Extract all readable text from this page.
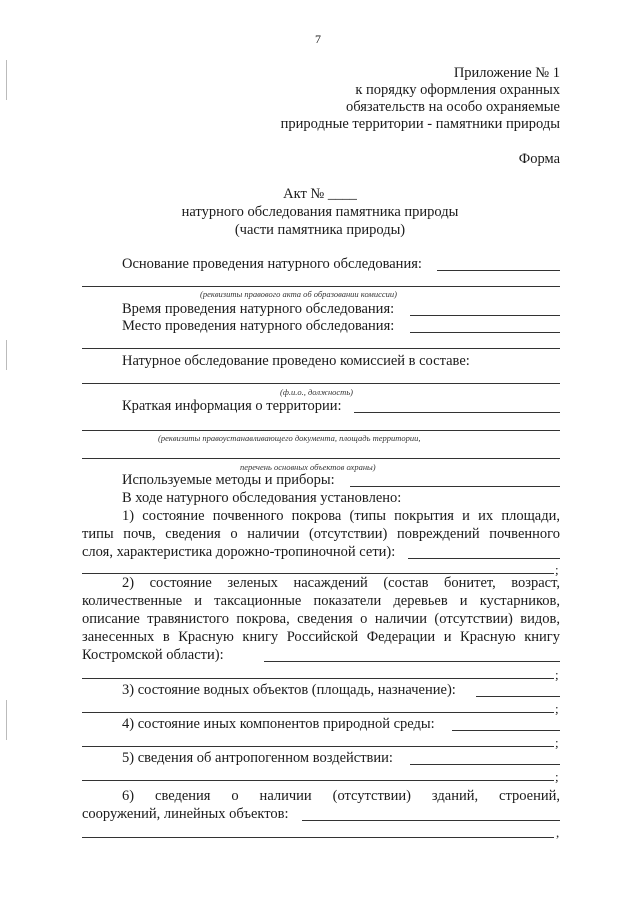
7
Приложение № 1
к порядку оформления охранных
обязательств на особо охраняемые
природные территории - памятники природы
Форма
Акт № ____
натурного обследования памятника природы
(части памятника природы)
Основание проведения натурного обследования:
(реквизиты правового акта об образовании комиссии)
Время проведения натурного обследования:
Место проведения натурного обследования:
Натурное обследование проведено комиссией в составе:
(ф.и.о., должность)
Краткая информация о территории:
(реквизиты правоустанавливающего документа, площадь территории,
перечень основных объектов охраны)
Используемые методы и приборы:
В ходе натурного обследования установлено:
1) состояние почвенного покрова (типы покрытия и их площади,
типы почв, сведения о наличии (отсутствии) повреждений почвенного
слоя, характеристика дорожно-тропиночной сети):
;
2) состояние зеленых насаждений (состав бонитет, возраст,
количественные и таксационные показатели деревьев и кустарников,
описание травянистого покрова, сведения о наличии (отсутствии) видов,
занесенных в Красную книгу Российской Федерации и Красную книгу
Костромской области):
;
3) состояние водных объектов (площадь, назначение):
;
4) состояние иных компонентов природной среды:
;
5) сведения об антропогенном воздействии:
;
6) сведения о наличии (отсутствии) зданий, строений,
сооружений, линейных объектов:
,
